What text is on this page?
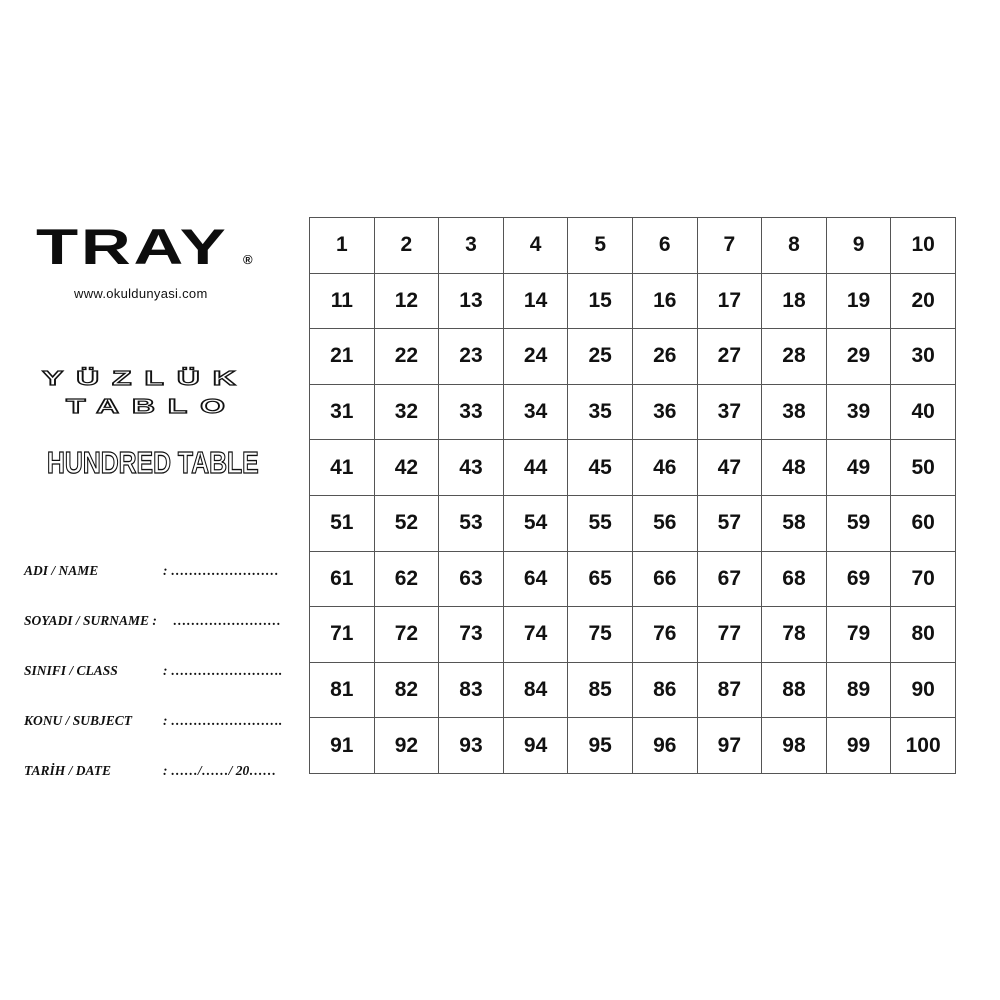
TRAY ®
www.okuldunyasi.com
YÜZLÜK
TABLO
HUNDRED TABLE
ADI / NAME	: ……………………
SOYADI / SURNAME : ……………………
SINIFI / CLASS	: …………………….
KONU / SUBJECT : …………………….
TARİH / DATE	: ……/……/ 20……
1	2	3	4	5	6	7	8	9	10
11	12	13	14	15	16	17	18	19	20
21	22	23	24	25	26	27	28	29	30
31	32	33	34	35	36	37	38	39	40
41	42	43	44	45	46	47	48	49	50
51	52	53	54	55	56	57	58	59	60
61	62	63	64	65	66	67	68	69	70
71	72	73	74	75	76	77	78	79	80
81	82	83	84	85	86	87	88	89	90
91	92	93	94	95	96	97	98	99	100
